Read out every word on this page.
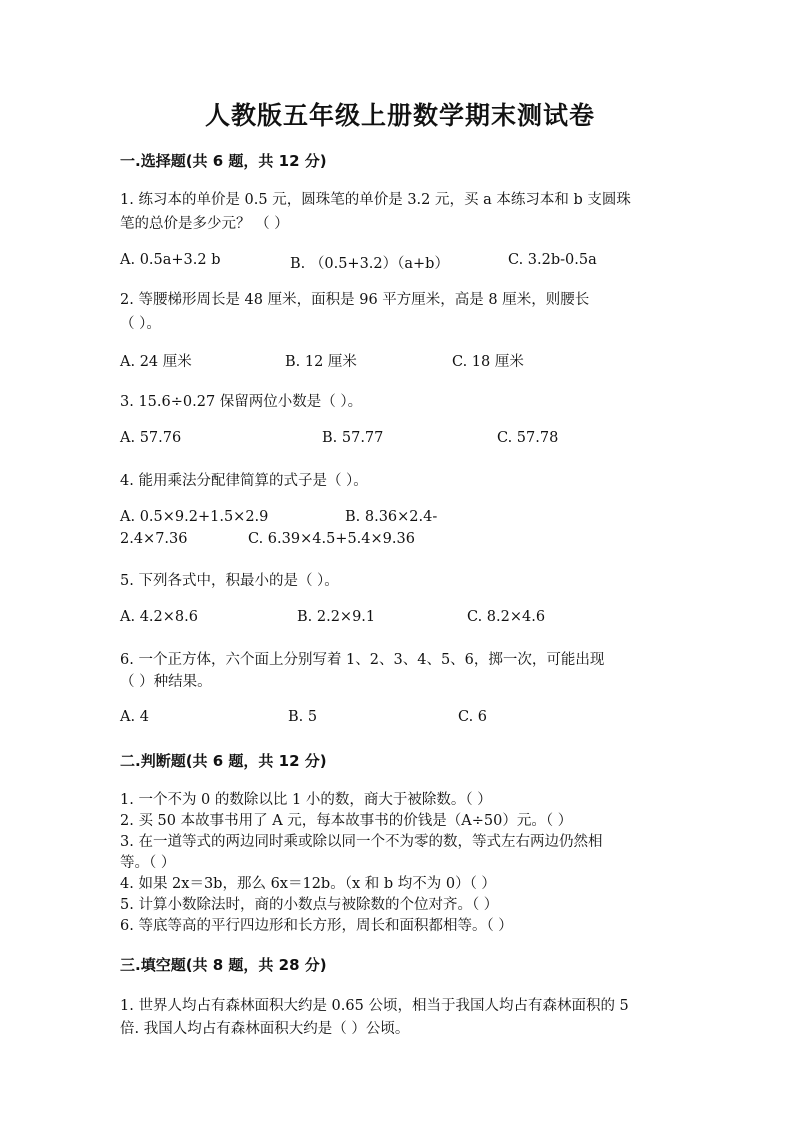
人教版五年级上册数学期末测试卷
一.选择题(共 6 题，共 12 分)
1. 练习本的单价是 0.5 元，圆珠笔的单价是 3.2 元，买 a 本练习本和 b 支圆珠
笔的总价是多少元？ （ ）
A. 0.5a+3.2 b	B. （0.5+3.2）（a+b）	C. 3.2b-0.5a
2. 等腰梯形周长是 48 厘米，面积是 96 平方厘米，高是 8 厘米，则腰长
（ ）。
A. 24 厘米	B. 12 厘米	C. 18 厘米
3. 15.6÷0.27 保留两位小数是（ ）。
A. 57.76	B. 57.77	C. 57.78
4. 能用乘法分配律简算的式子是（ ）。
A. 0.5×9.2+1.5×2.9	B. 8.36×2.4-
2.4×7.36	C. 6.39×4.5+5.4×9.36
5. 下列各式中，积最小的是（ ）。
A. 4.2×8.6	B. 2.2×9.1	C. 8.2×4.6
6. 一个正方体，六个面上分别写着 1、2、3、4、5、6，掷一次，可能出现
（ ）种结果。
A. 4	B. 5	C. 6
二.判断题(共 6 题，共 12 分)
1. 一个不为 0 的数除以比 1 小的数，商大于被除数。（ ）
2. 买 50 本故事书用了 A 元，每本故事书的价钱是（A÷50）元。（ ）
3. 在一道等式的两边同时乘或除以同一个不为零的数，等式左右两边仍然相
等。（ ）
4. 如果 2x＝3b，那么 6x＝12b。（x 和 b 均不为 0）（ ）
5. 计算小数除法时，商的小数点与被除数的个位对齐。（ ）
6. 等底等高的平行四边形和长方形，周长和面积都相等。（ ）
三.填空题(共 8 题，共 28 分)
1. 世界人均占有森林面积大约是 0.65 公顷，相当于我国人均占有森林面积的 5
倍. 我国人均占有森林面积大约是（ ）公顷。
